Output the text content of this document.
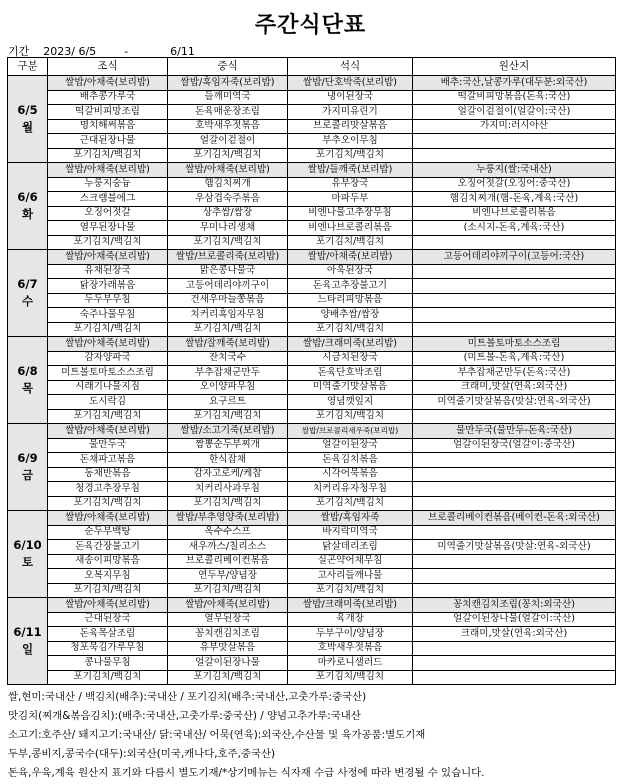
주간식단표
기간 2023/ 6/5	-	6/11
구분	조식	중식	석식	원산지

6/5
월	쌀밥/아채죽(보리밥)	쌀밥/흑임자죽(보리밥)	쌀밥/단호박죽(보리밥)	배추:국산,날콩가루(대두분:외국산)
	배추콩가루국	들깨미역국	냉이된장국	떡갈비피망볶음(돈육:국산)
	떡갈비피망조림	돈육매운장조림	가지미유린기	얼갈이겉절이(얼갈이:국산)
	명치해써볶음	호박새우젓볶음	브로콜리맛살볶음	가지미:러시아산
	근대된장나물	얼갈이겉절이	부추오이무침	
	포기김치/백김치	포기김치/백김치	포기김치/백김치	

6/6
화	쌀밥/아채죽(보리밥)	쌀밥/아채죽(보리밥)	쌀밥/들깨죽(보리밥)	누룽지(쌀:국내산)
	누룽지숭늉	햄김치찌개	유부장국	오징어젓갈(오징어:중국산)
	스크램블에그	우삼겹숙주볶음	마파두부	햄김치찌개(햄-돈육,계육:국산)
	오징어젓갈	상추쌈/쌈장	비엔나물고추장무침	비엔나브로콜리볶음
	열무된장나물	무미나리생채	비엔나브로콜리볶음	(소시지-돈육,계육:국산)
	포기김치/백김치	포기김치/백김치	포기김치/백김치	

6/7
수	쌀밥/아채죽(보리밥)	쌀밥/브로콜리죽(보리밥)	쌀밥/아채죽(보리밥)	고등어데리야끼구이(고등어:국산)
	유채된장국	맑은콩나물국	아욱된장국	
	닭장가래볶음	고등어데리야끼구이	돈육고추장불고기	
	두두부무침	건새우마늘쫑볶음	느타리피망볶음	
	숙주나물무침	치커리흑임자무침	양배추쌈/쌈장	
	포기김치/백김치	포기김치/백김치	포기김치/백김치	

6/8
목	쌀밥/아채죽(보리밥)	쌀밥/잘깨죽(보리밥)	쌀밥/크래미죽(보리밥)	미트볼토마토소스조림
	감자양파국	잔치국수	시금치된장국	(미트볼-돈육,계육:국산)
	미트볼토마토소스조림	부추잡채군만두	돈육단호박조림	부추잡채군만두(돈육:국산)
	시래기나물지짐	오이양파무침	미역줄기맛살볶음	크래미,맛살(연육:외국산)
	도시락김	요구르트	영념깻잎지	미역줄기맛살볶음(맛살:연육-외국산)
	포기김치/백김치	포기김치/백김치	포기김치/백김치	

6/9
금	쌀밥/아채죽(보리밥)	쌀밥/소고기죽(보리밥)	쌀밥/브로콜리새우죽(보리밥)	물만두국(물만두-돈육:국산)
	물만두국	짬뽕순두부찌개	얼갈이된장국	얼갈이된장국(얼갈이:중국산)
	돈채파고볶음	한식잡채	돈육김치볶음	
	동채반볶음	감자고로케/케찹	시각어묵볶음	
	청경고추장무침	치커리사과무침	치커리유자청무침	
	포기김치/백김치	포기김치/백김치	포기김치/백김치	

6/10
토	쌀밥/아채죽(보리밥)	쌀밥/부추영양죽(보리밥)	쌀밥/흑임자죽	브로콜리베이컨볶음(베이컨-돈육:외국산)
	순두부백탕	옥수수스프	바지락미역국	
	돈육간장불고기	새우까스/칠리소스	닭살데리조림	미역줄기맛살볶음(맛살:연육-외국산)
	새송이피망볶음	브로콜리베이컨볶음	실곤약어채무침	
	오복지무침	연두부/양념장	고사리들깨나물	
	포기김치/백김치	포기김치/백김치	포기김치/백김치	

6/11
일	쌀밥/아채죽(보리밥)	쌀밥/아채죽(보리밥)	쌀밥/크래미죽(보리밥)	꽁치캔김치조림(꽁치:외국산)
	근대된장국	열무된장국	육개장	얼갈이된장나물(얼갈이:국산)
	돈육목살조림	꽁치캔김치조림	두부구이/양념장	크래미,맛살(연육:외국산)
	청포묵김가루무침	유부맛살볶음	호박새우젓볶음	
	콩나물무침	얼갈이된장나물	마카로니샐러드	
	포기김치/백김치	포기김치/백김치	포기김치/백김치	
쌀,현미:국내산 / 백김치(배추):국내산 / 포기김치(배추:국내산,고춧가루:중국산)
맛김치(찌개&볶음김치):(배추:국내산,고춧가루:중국산) / 양념고추가루:국내산
소고기:호주산/ 돼지고기:국내산/ 닭:국내산/ 어묵(연육):외국산,수산물 및 육가공품:별도기재
두부,콩비지,콩국수(대두):외국산(미국,캐나다,호주,중국산)
돈육,우육,계육 원산지 표기와 다름시 별도기재/*상기메뉴는 식자재 수급 사정에 따라 변경될 수 있습니다.
